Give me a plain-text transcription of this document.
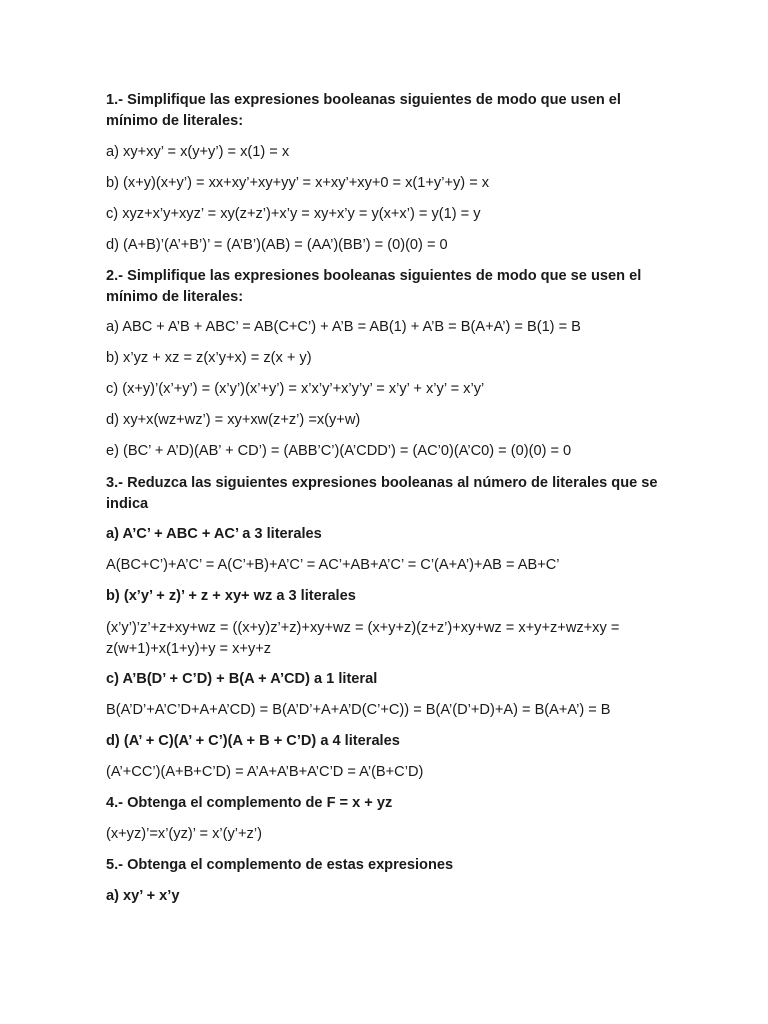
1.- Simplifique las expresiones booleanas siguientes de modo que usen el mínimo de literales:
a) xy+xy’ = x(y+y’) = x(1) = x
b) (x+y)(x+y’) = xx+xy’+xy+yy’ = x+xy’+xy+0 = x(1+y’+y) = x
c) xyz+x’y+xyz’ = xy(z+z’)+x’y = xy+x’y = y(x+x’) = y(1) = y
d) (A+B)’(A’+B’)’ = (A’B’)(AB) = (AA’)(BB’) = (0)(0) = 0
2.- Simplifique las expresiones booleanas siguientes de modo que se usen el mínimo de literales:
a) ABC + A’B + ABC’ = AB(C+C’) + A’B = AB(1) + A’B = B(A+A’) = B(1) = B
b) x’yz + xz = z(x’y+x) = z(x + y)
c) (x+y)’(x’+y’) = (x’y’)(x’+y’) = x’x’y’+x’y’y’ = x’y’ + x’y’ = x’y’
d) xy+x(wz+wz’) = xy+xw(z+z’) =x(y+w)
e) (BC’ + A’D)(AB’ + CD’) = (ABB’C’)(A’CDD’) = (AC’0)(A’C0) = (0)(0) = 0
3.- Reduzca las siguientes expresiones booleanas al número de literales que se indica
a) A’C’ + ABC + AC’ a 3 literales
A(BC+C’)+A’C’ = A(C’+B)+A’C’ = AC’+AB+A’C’ = C’(A+A’)+AB = AB+C’
b) (x’y’ + z)’ + z + xy+ wz a 3 literales
(x’y’)’z’+z+xy+wz = ((x+y)z’+z)+xy+wz = (x+y+z)(z+z’)+xy+wz = x+y+z+wz+xy = z(w+1)+x(1+y)+y = x+y+z
c) A’B(D’ + C’D) + B(A + A’CD) a 1 literal
B(A’D’+A’C’D+A+A’CD) = B(A’D’+A+A’D(C’+C)) = B(A’(D’+D)+A) = B(A+A’) = B
d) (A’ + C)(A’ + C’)(A + B + C’D) a 4 literales
(A’+CC’)(A+B+C’D) = A’A+A’B+A’C’D = A’(B+C’D)
4.- Obtenga el complemento de F = x + yz
(x+yz)’=x’(yz)’ = x’(y’+z’)
5.- Obtenga el complemento de estas expresiones
a) xy’ + x’y
